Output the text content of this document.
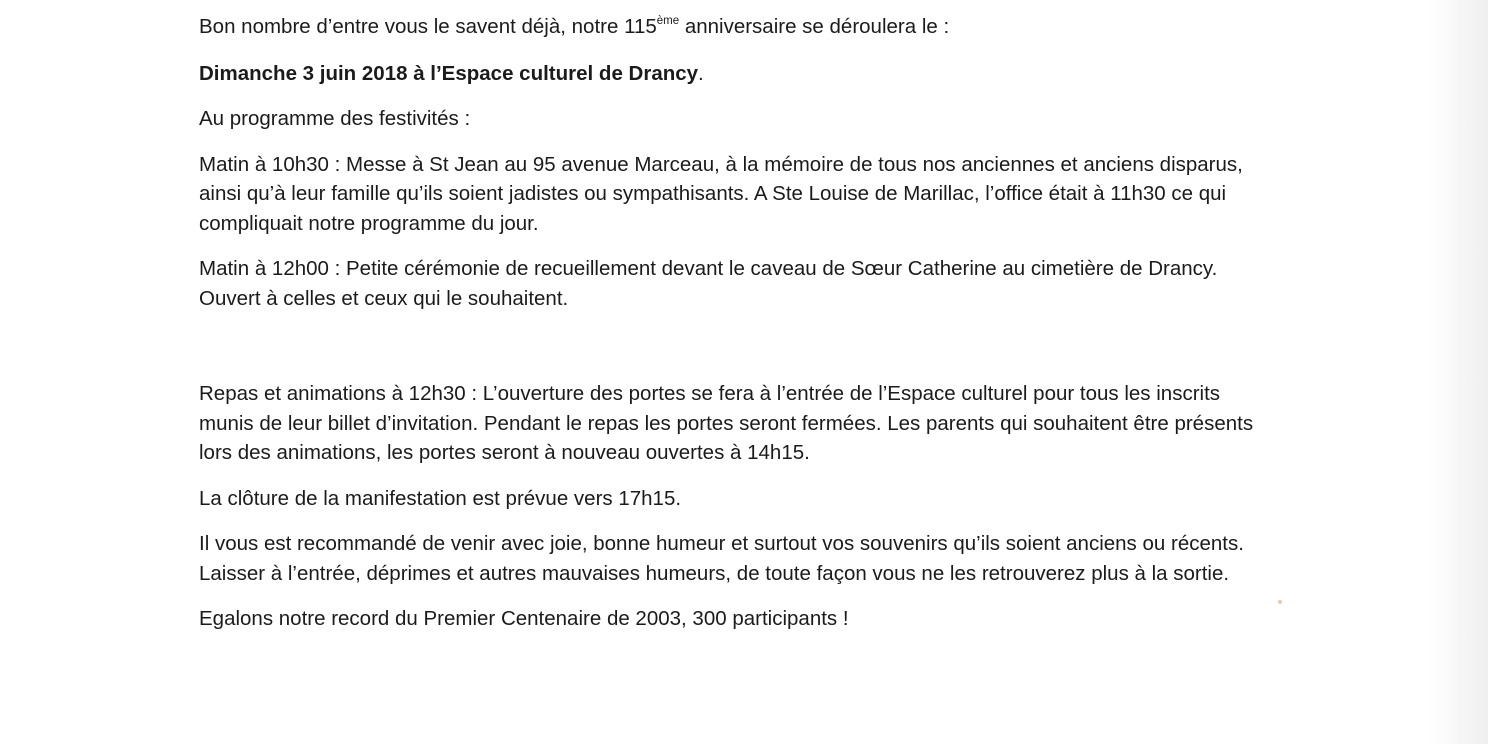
Bon nombre d’entre vous le savent déjà, notre 115ème anniversaire se déroulera le :

Dimanche 3 juin 2018 à l’Espace culturel de Drancy.

Au programme des festivités :

Matin à 10h30 : Messe à St Jean au 95 avenue Marceau, à la mémoire de tous nos anciennes et anciens disparus, ainsi qu’à leur famille qu’ils soient jadistes ou sympathisants. A Ste Louise de Marillac, l’office était à 11h30 ce qui compliquait notre programme du jour.

Matin à 12h00 : Petite cérémonie de recueillement devant le caveau de Sœur Catherine au cimetière de Drancy. Ouvert à celles et ceux qui le souhaitent.

Repas et animations à 12h30 : L’ouverture des portes se fera à l’entrée de l’Espace culturel pour tous les inscrits munis de leur billet d’invitation. Pendant le repas les portes seront fermées. Les parents qui souhaitent être présents lors des animations, les portes seront à nouveau ouvertes à 14h15.

La clôture de la manifestation est prévue vers 17h15.

Il vous est recommandé de venir avec joie, bonne humeur et surtout vos souvenirs qu’ils soient anciens ou récents. Laisser à l’entrée, déprimes et autres mauvaises humeurs, de toute façon vous ne les retrouverez plus à la sortie.

Egalons notre record du Premier Centenaire de 2003, 300 participants !
